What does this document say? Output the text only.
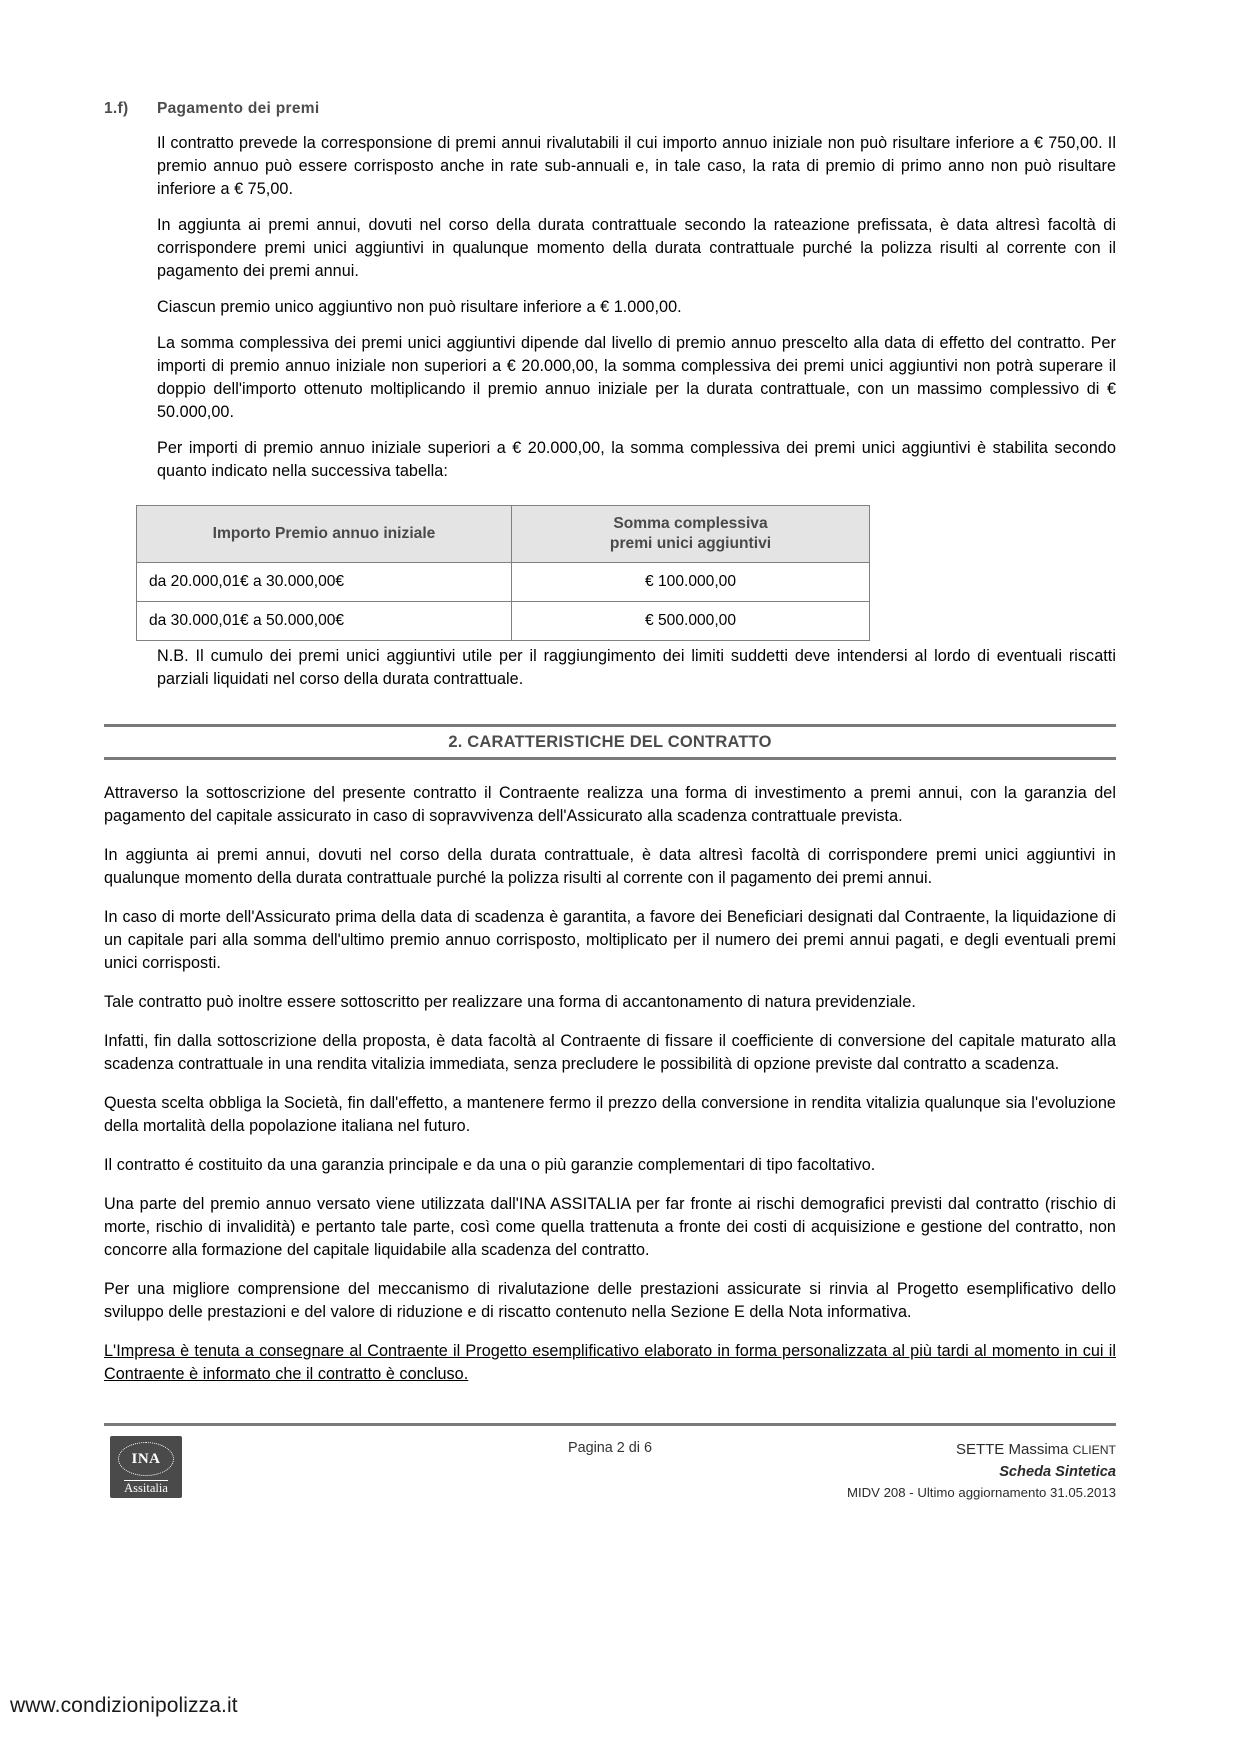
1.f)	Pagamento dei premi

Il contratto prevede la corresponsione di premi annui rivalutabili il cui importo annuo iniziale non può risultare inferiore a € 750,00. Il premio annuo può essere corrisposto anche in rate sub-annuali e, in tale caso, la rata di premio di primo anno non può risultare inferiore a € 75,00.

In aggiunta ai premi annui, dovuti nel corso della durata contrattuale secondo la rateazione prefissata, è data altresì facoltà di corrispondere premi unici aggiuntivi in qualunque momento della durata contrattuale purché la polizza risulti al corrente con il pagamento dei premi annui.

Ciascun premio unico aggiuntivo non può risultare inferiore a € 1.000,00.

La somma complessiva dei premi unici aggiuntivi dipende dal livello di premio annuo prescelto alla data di effetto del contratto. Per importi di premio annuo iniziale non superiori a € 20.000,00, la somma complessiva dei premi unici aggiuntivi non potrà superare il doppio dell'importo ottenuto moltiplicando il premio annuo iniziale per la durata contrattuale, con un massimo complessivo di € 50.000,00.

Per importi di premio annuo iniziale superiori a € 20.000,00, la somma complessiva dei premi unici aggiuntivi è stabilita secondo quanto indicato nella successiva tabella:

Importo Premio annuo iniziale	Somma complessiva
premi unici aggiuntivi

da 20.000,01€ a 30.000,00€	€ 100.000,00
da 30.000,01€ a 50.000,00€	€ 500.000,00

N.B. Il cumulo dei premi unici aggiuntivi utile per il raggiungimento dei limiti suddetti deve intendersi al lordo di eventuali riscatti parziali liquidati nel corso della durata contrattuale.

2. CARATTERISTICHE DEL CONTRATTO

Attraverso la sottoscrizione del presente contratto il Contraente realizza una forma di investimento a premi annui, con la garanzia del pagamento del capitale assicurato in caso di sopravvivenza dell'Assicurato alla scadenza contrattuale prevista.

In aggiunta ai premi annui, dovuti nel corso della durata contrattuale, è data altresì facoltà di corrispondere premi unici aggiuntivi in qualunque momento della durata contrattuale purché la polizza risulti al corrente con il pagamento dei premi annui.

In caso di morte dell'Assicurato prima della data di scadenza è garantita, a favore dei Beneficiari designati dal Contraente, la liquidazione di un capitale pari alla somma dell'ultimo premio annuo corrisposto, moltiplicato per il numero dei premi annui pagati, e degli eventuali premi unici corrisposti.

Tale contratto può inoltre essere sottoscritto per realizzare una forma di accantonamento di natura previdenziale.

Infatti, fin dalla sottoscrizione della proposta, è data facoltà al Contraente di fissare il coefficiente di conversione del capitale maturato alla scadenza contrattuale in una rendita vitalizia immediata, senza precludere le possibilità di opzione previste dal contratto a scadenza.

Questa scelta obbliga la Società, fin dall'effetto, a mantenere fermo il prezzo della conversione in rendita vitalizia qualunque sia l'evoluzione della mortalità della popolazione italiana nel futuro.

Il contratto é costituito da una garanzia principale e da una o più garanzie complementari di tipo facoltativo.

Una parte del premio annuo versato viene utilizzata dall'INA ASSITALIA per far fronte ai rischi demografici previsti dal contratto (rischio di morte, rischio di invalidità) e pertanto tale parte, così come quella trattenuta a fronte dei costi di acquisizione e gestione del contratto, non concorre alla formazione del capitale liquidabile alla scadenza del contratto.

Per una migliore comprensione del meccanismo di rivalutazione delle prestazioni assicurate si rinvia al Progetto esemplificativo dello sviluppo delle prestazioni e del valore di riduzione e di riscatto contenuto nella Sezione E della Nota informativa.

L'Impresa è tenuta a consegnare al Contraente il Progetto esemplificativo elaborato in forma personalizzata al più tardi al momento in cui il Contraente è informato che il contratto è concluso.

INA
Assitalia
Pagina 2 di 6	SETTE Massima CLIENT
Scheda Sintetica
MIDV 208 - Ultimo aggiornamento 31.05.2013
www.condizionipolizza.it
